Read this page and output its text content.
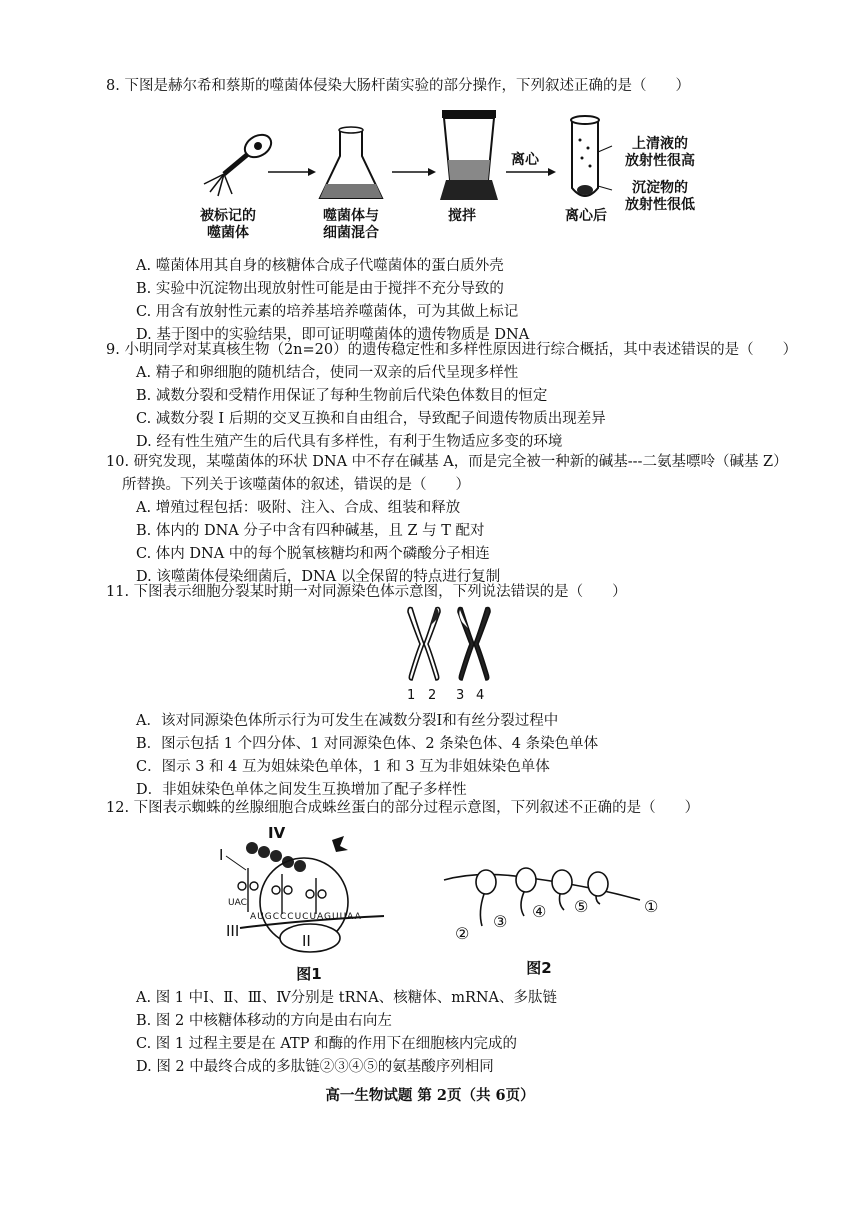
8. 下图是赫尔希和蔡斯的噬菌体侵染大肠杆菌实验的部分操作，下列叙述正确的是（　　）
被标记的
噬菌体
噬菌体与
细菌混合
搅拌
离心
离心后
上清液的
放射性很高
沉淀物的
放射性很低
A. 噬菌体用其自身的核糖体合成子代噬菌体的蛋白质外壳
B. 实验中沉淀物出现放射性可能是由于搅拌不充分导致的
C. 用含有放射性元素的培养基培养噬菌体，可为其做上标记
D. 基于图中的实验结果，即可证明噬菌体的遗传物质是 DNA
9. 小明同学对某真核生物（2n=20）的遗传稳定性和多样性原因进行综合概括，其中表述错误的是（　　）
A. 精子和卵细胞的随机结合，使同一双亲的后代呈现多样性
B. 减数分裂和受精作用保证了每种生物前后代染色体数目的恒定
C. 减数分裂 I 后期的交叉互换和自由组合，导致配子间遗传物质出现差异
D. 经有性生殖产生的后代具有多样性，有利于生物适应多变的环境
10. 研究发现，某噬菌体的环状 DNA 中不存在碱基 A，而是完全被一种新的碱基---二氨基嘌呤（碱基 Z）
所替换。下列关于该噬菌体的叙述，错误的是（　　）
A. 增殖过程包括：吸附、注入、合成、组装和释放
B. 体内的 DNA 分子中含有四种碱基，且 Z 与 T 配对
C. 体内 DNA 中的每个脱氧核糖均和两个磷酸分子相连
D. 该噬菌体侵染细菌后，DNA 以全保留的特点进行复制
11. 下图表示细胞分裂某时期一对同源染色体示意图，下列说法错误的是（　　）
1 2 3 4
A．该对同源染色体所示行为可发生在减数分裂Ⅰ和有丝分裂过程中
B．图示包括 1 个四分体、1 对同源染色体、2 条染色体、4 条染色单体
C．图示 3 和 4 互为姐妹染色单体，1 和 3 互为非姐妹染色单体
D．非姐妹染色单体之间发生互换增加了配子多样性
12. 下图表示蜘蛛的丝腺细胞合成蛛丝蛋白的部分过程示意图，下列叙述不正确的是（　　）
I
IV
III
II
UAC
AUGCCCUCUAGUUAA
图1
①
②
③
④ ⑤
图2
A. 图 1 中Ⅰ、Ⅱ、Ⅲ、Ⅳ分别是 tRNA、核糖体、mRNA、多肽链
B. 图 2 中核糖体移动的方向是由右向左
C. 图 1 过程主要是在 ATP 和酶的作用下在细胞核内完成的
D. 图 2 中最终合成的多肽链②③④⑤的氨基酸序列相同
高一生物试题 第 2页（共 6页）
